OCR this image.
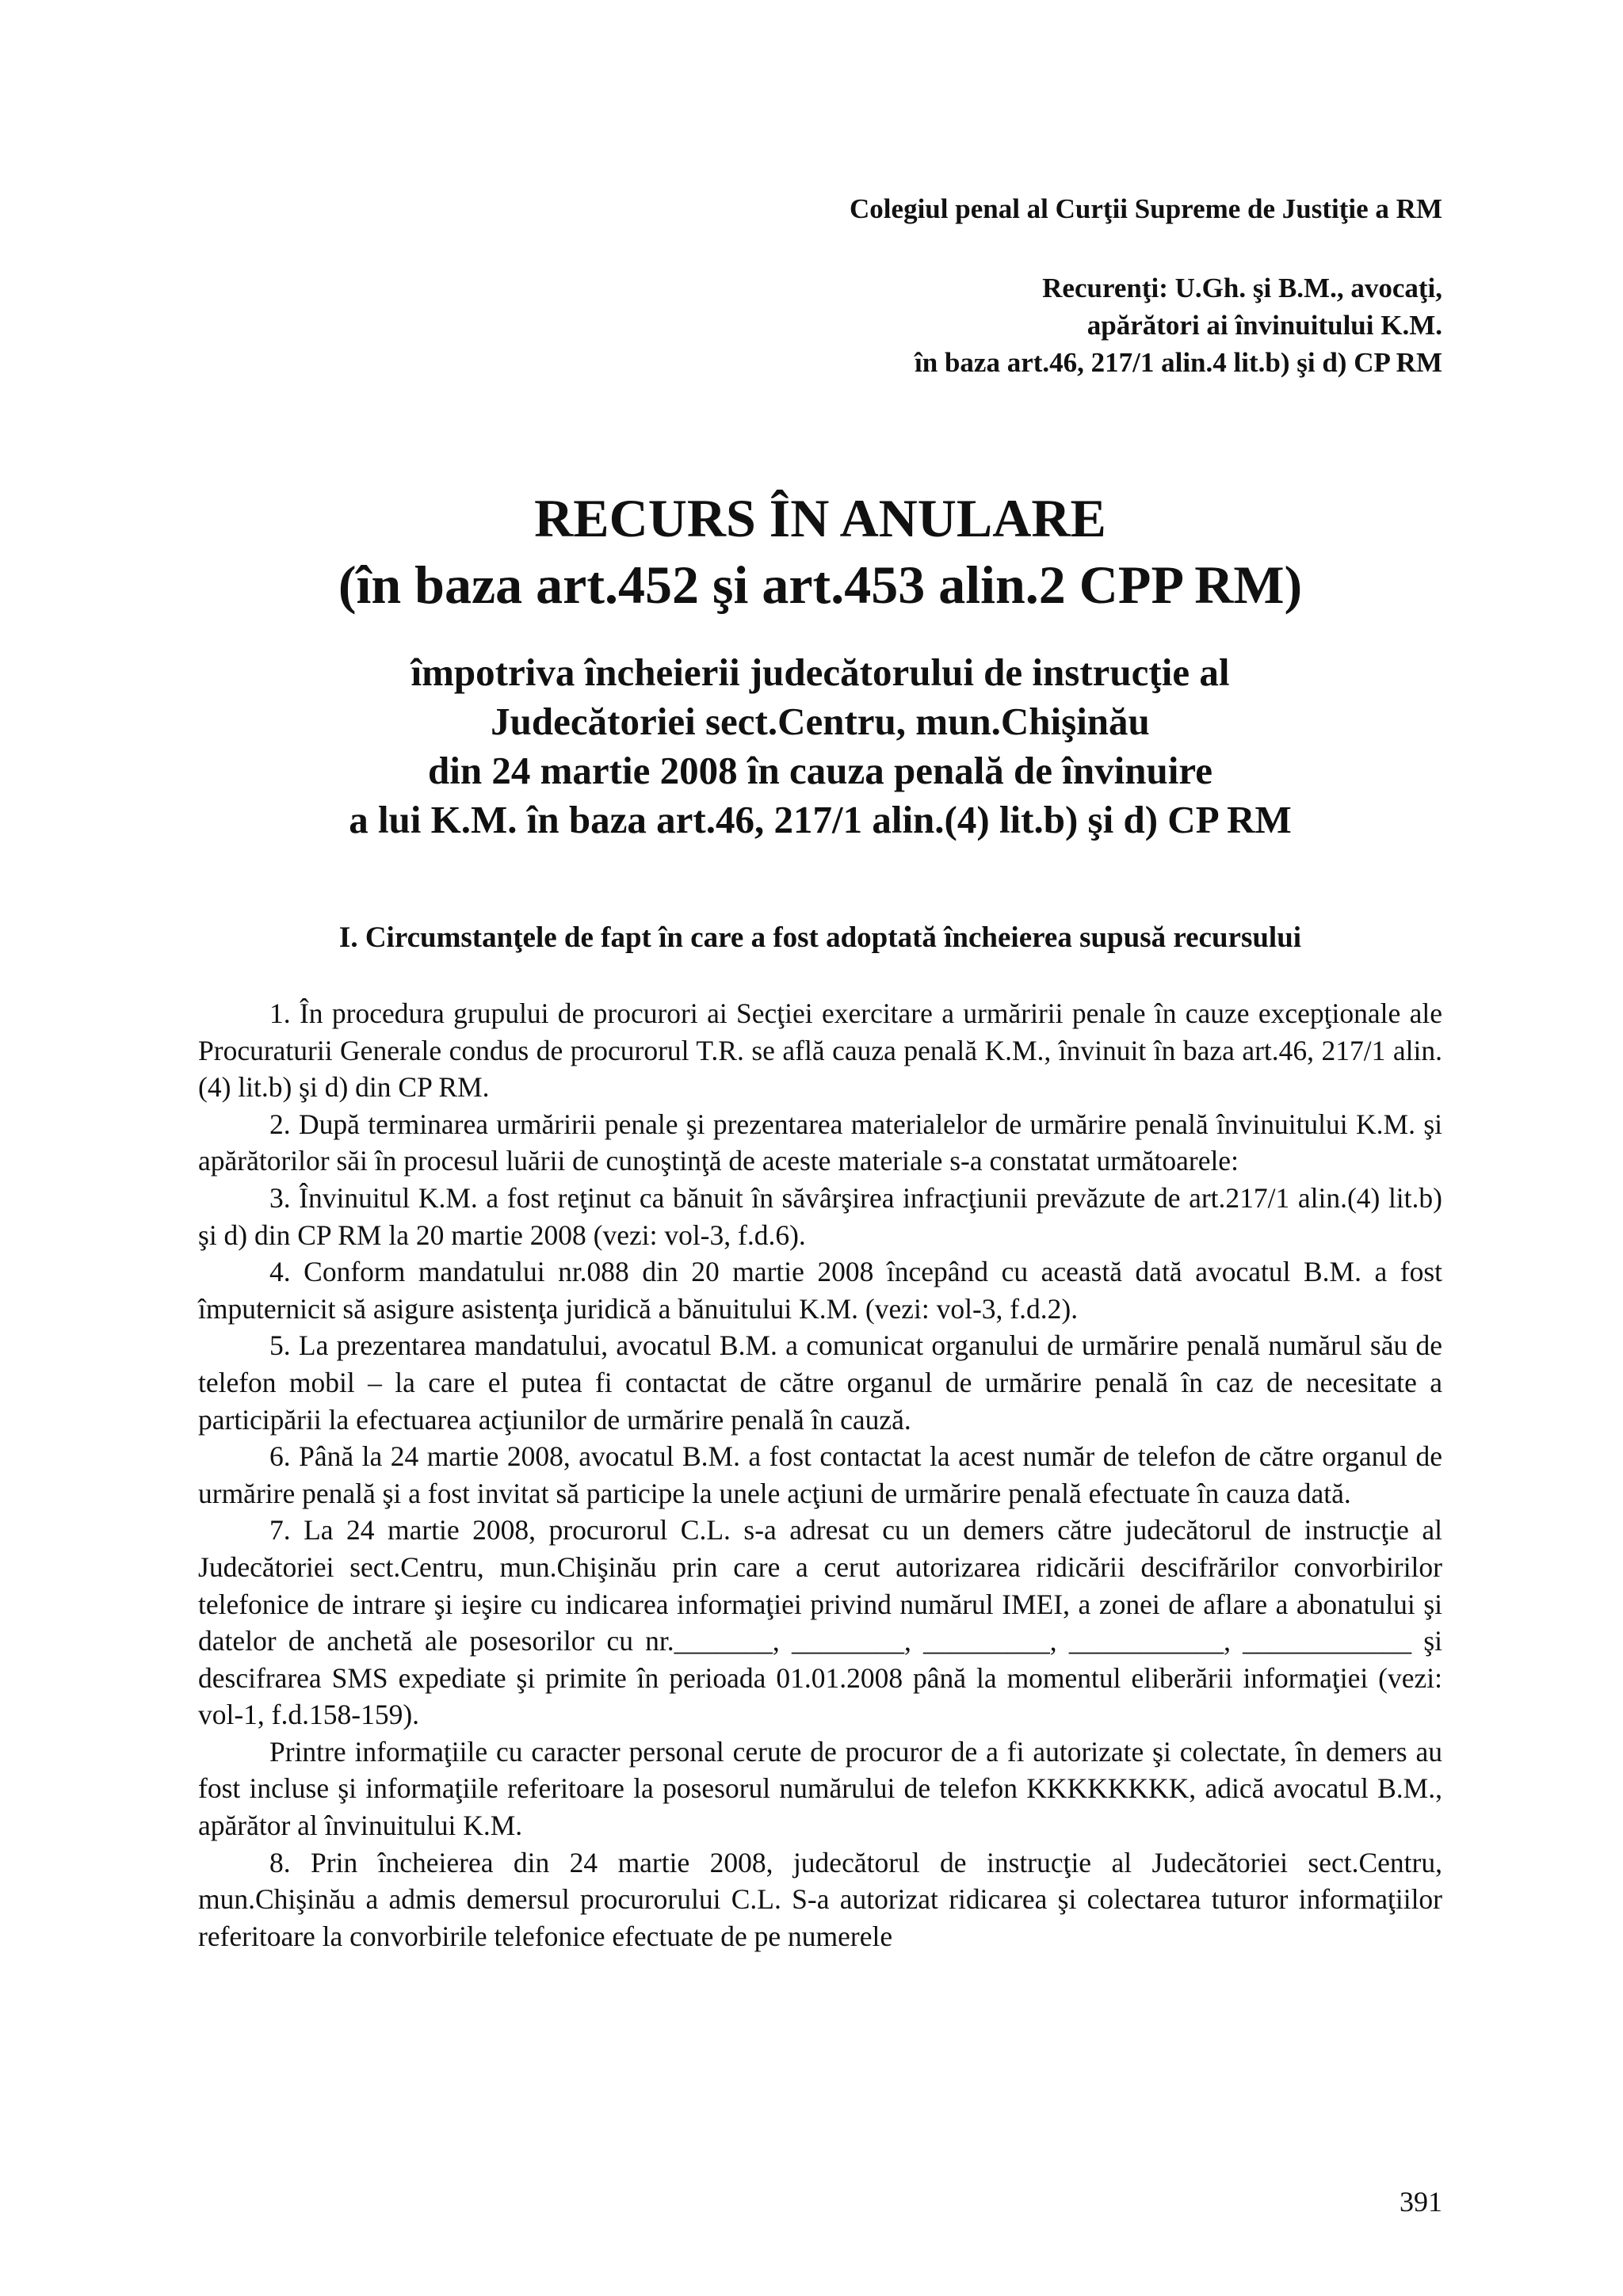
Colegiul penal al Curţii Supreme de Justiţie a RM
Recurenţi: U.Gh. şi B.M., avocaţi,
apărători ai învinuitului K.M.
în baza art.46, 217/1 alin.4 lit.b) şi d) CP RM
RECURS ÎN ANULARE
(în baza art.452 şi art.453 alin.2 CPP RM)
împotriva încheierii judecătorului de instrucţie al
Judecătoriei sect.Centru, mun.Chişinău
din 24 martie 2008 în cauza penală de învinuire
a lui K.M. în baza art.46, 217/1 alin.(4) lit.b) şi d) CP RM
I. Circumstanţele de fapt în care a fost adoptată încheierea supusă recursului

1. În procedura grupului de procurori ai Secţiei exercitare a urmăririi penale în cauze excepţionale ale Procuraturii Generale condus de procurorul T.R. se află cauza penală K.M., învinuit în baza art.46, 217/1 alin.(4) lit.b) şi d) din CP RM.

2. După terminarea urmăririi penale şi prezentarea materialelor de urmărire penală învinuitului K.M. şi apărătorilor săi în procesul luării de cunoştinţă de aceste materiale s-a constatat următoarele:

3. Învinuitul K.M. a fost reţinut ca bănuit în săvârşirea infracţiunii prevăzute de art.217/1 alin.(4) lit.b) şi d) din CP RM la 20 martie 2008 (vezi: vol-3, f.d.6).

4. Conform mandatului nr.088 din 20 martie 2008 începând cu această dată avocatul B.M. a fost împuternicit să asigure asistenţa juridică a bănuitului K.M. (vezi: vol-3, f.d.2).

5. La prezentarea mandatului, avocatul B.M. a comunicat organului de urmărire penală numărul său de telefon mobil – la care el putea fi contactat de către organul de urmărire penală în caz de necesitate a participării la efectuarea acţiunilor de urmărire penală în cauză.

6. Până la 24 martie 2008, avocatul B.M. a fost contactat la acest număr de telefon de către organul de urmărire penală şi a fost invitat să participe la unele acţiuni de urmărire penală efectuate în cauza dată.

7. La 24 martie 2008, procurorul C.L. s-a adresat cu un demers către judecătorul de instrucţie al Judecătoriei sect.Centru, mun.Chişinău prin care a cerut autorizarea ridicării descifrărilor convorbirilor telefonice de intrare şi ieşire cu indicarea informaţiei privind numărul IMEI, a zonei de aflare a abonatului şi datelor de anchetă ale posesorilor cu nr._______, ________, _________, ___________, ____________ şi descifrarea SMS expediate şi primite în perioada 01.01.2008 până la momentul eliberării informaţiei (vezi: vol-1, f.d.158-159).

Printre informaţiile cu caracter personal cerute de procuror de a fi autorizate şi colectate, în demers au fost incluse şi informaţiile referitoare la posesorul numărului de telefon KKKKKKKK, adică avocatul B.M., apărător al învinuitului K.M.

8. Prin încheierea din 24 martie 2008, judecătorul de instrucţie al Judecătoriei sect.Centru, mun.Chişinău a admis demersul procurorului C.L. S-a autorizat ridicarea şi colectarea tuturor informaţiilor referitoare la convorbirile telefonice efectuate de pe numerele

391
